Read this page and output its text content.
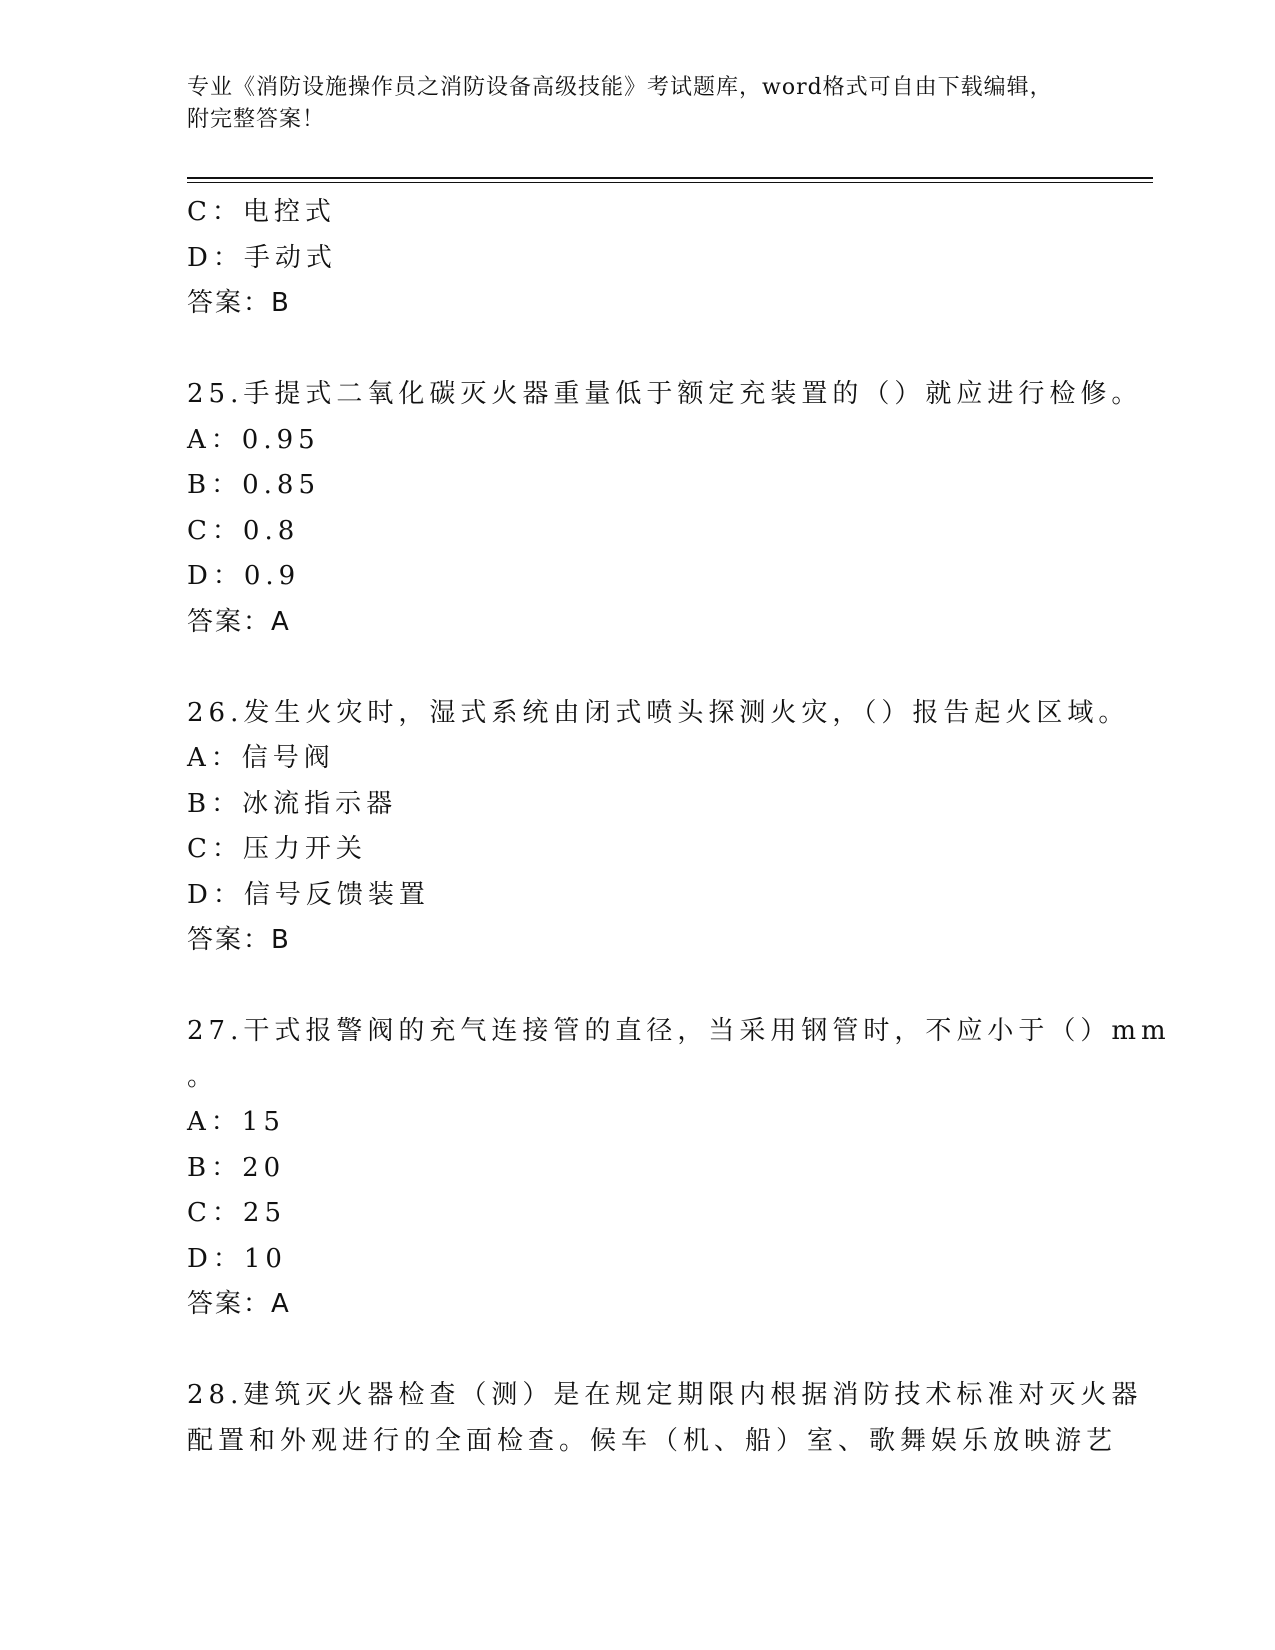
专业《消防设施操作员之消防设备高级技能》考试题库，word格式可自由下载编辑，附完整答案！
C：电控式
D：手动式
答案：B
25.手提式二氧化碳灭火器重量低于额定充装置的（）就应进行检修。
A：0.95
B：0.85
C：0.8
D：0.9
答案：A
26.发生火灾时，湿式系统由闭式喷头探测火灾，（）报告起火区域。
A：信号阀
B：冰流指示器
C：压力开关
D：信号反馈装置
答案：B
27.干式报警阀的充气连接管的直径，当采用钢管时，不应小于（）mm
。
A：15
B：20
C：25
D：10
答案：A
28.建筑灭火器检查（测）是在规定期限内根据消防技术标准对灭火器
配置和外观进行的全面检查。候车（机、船）室、歌舞娱乐放映游艺
